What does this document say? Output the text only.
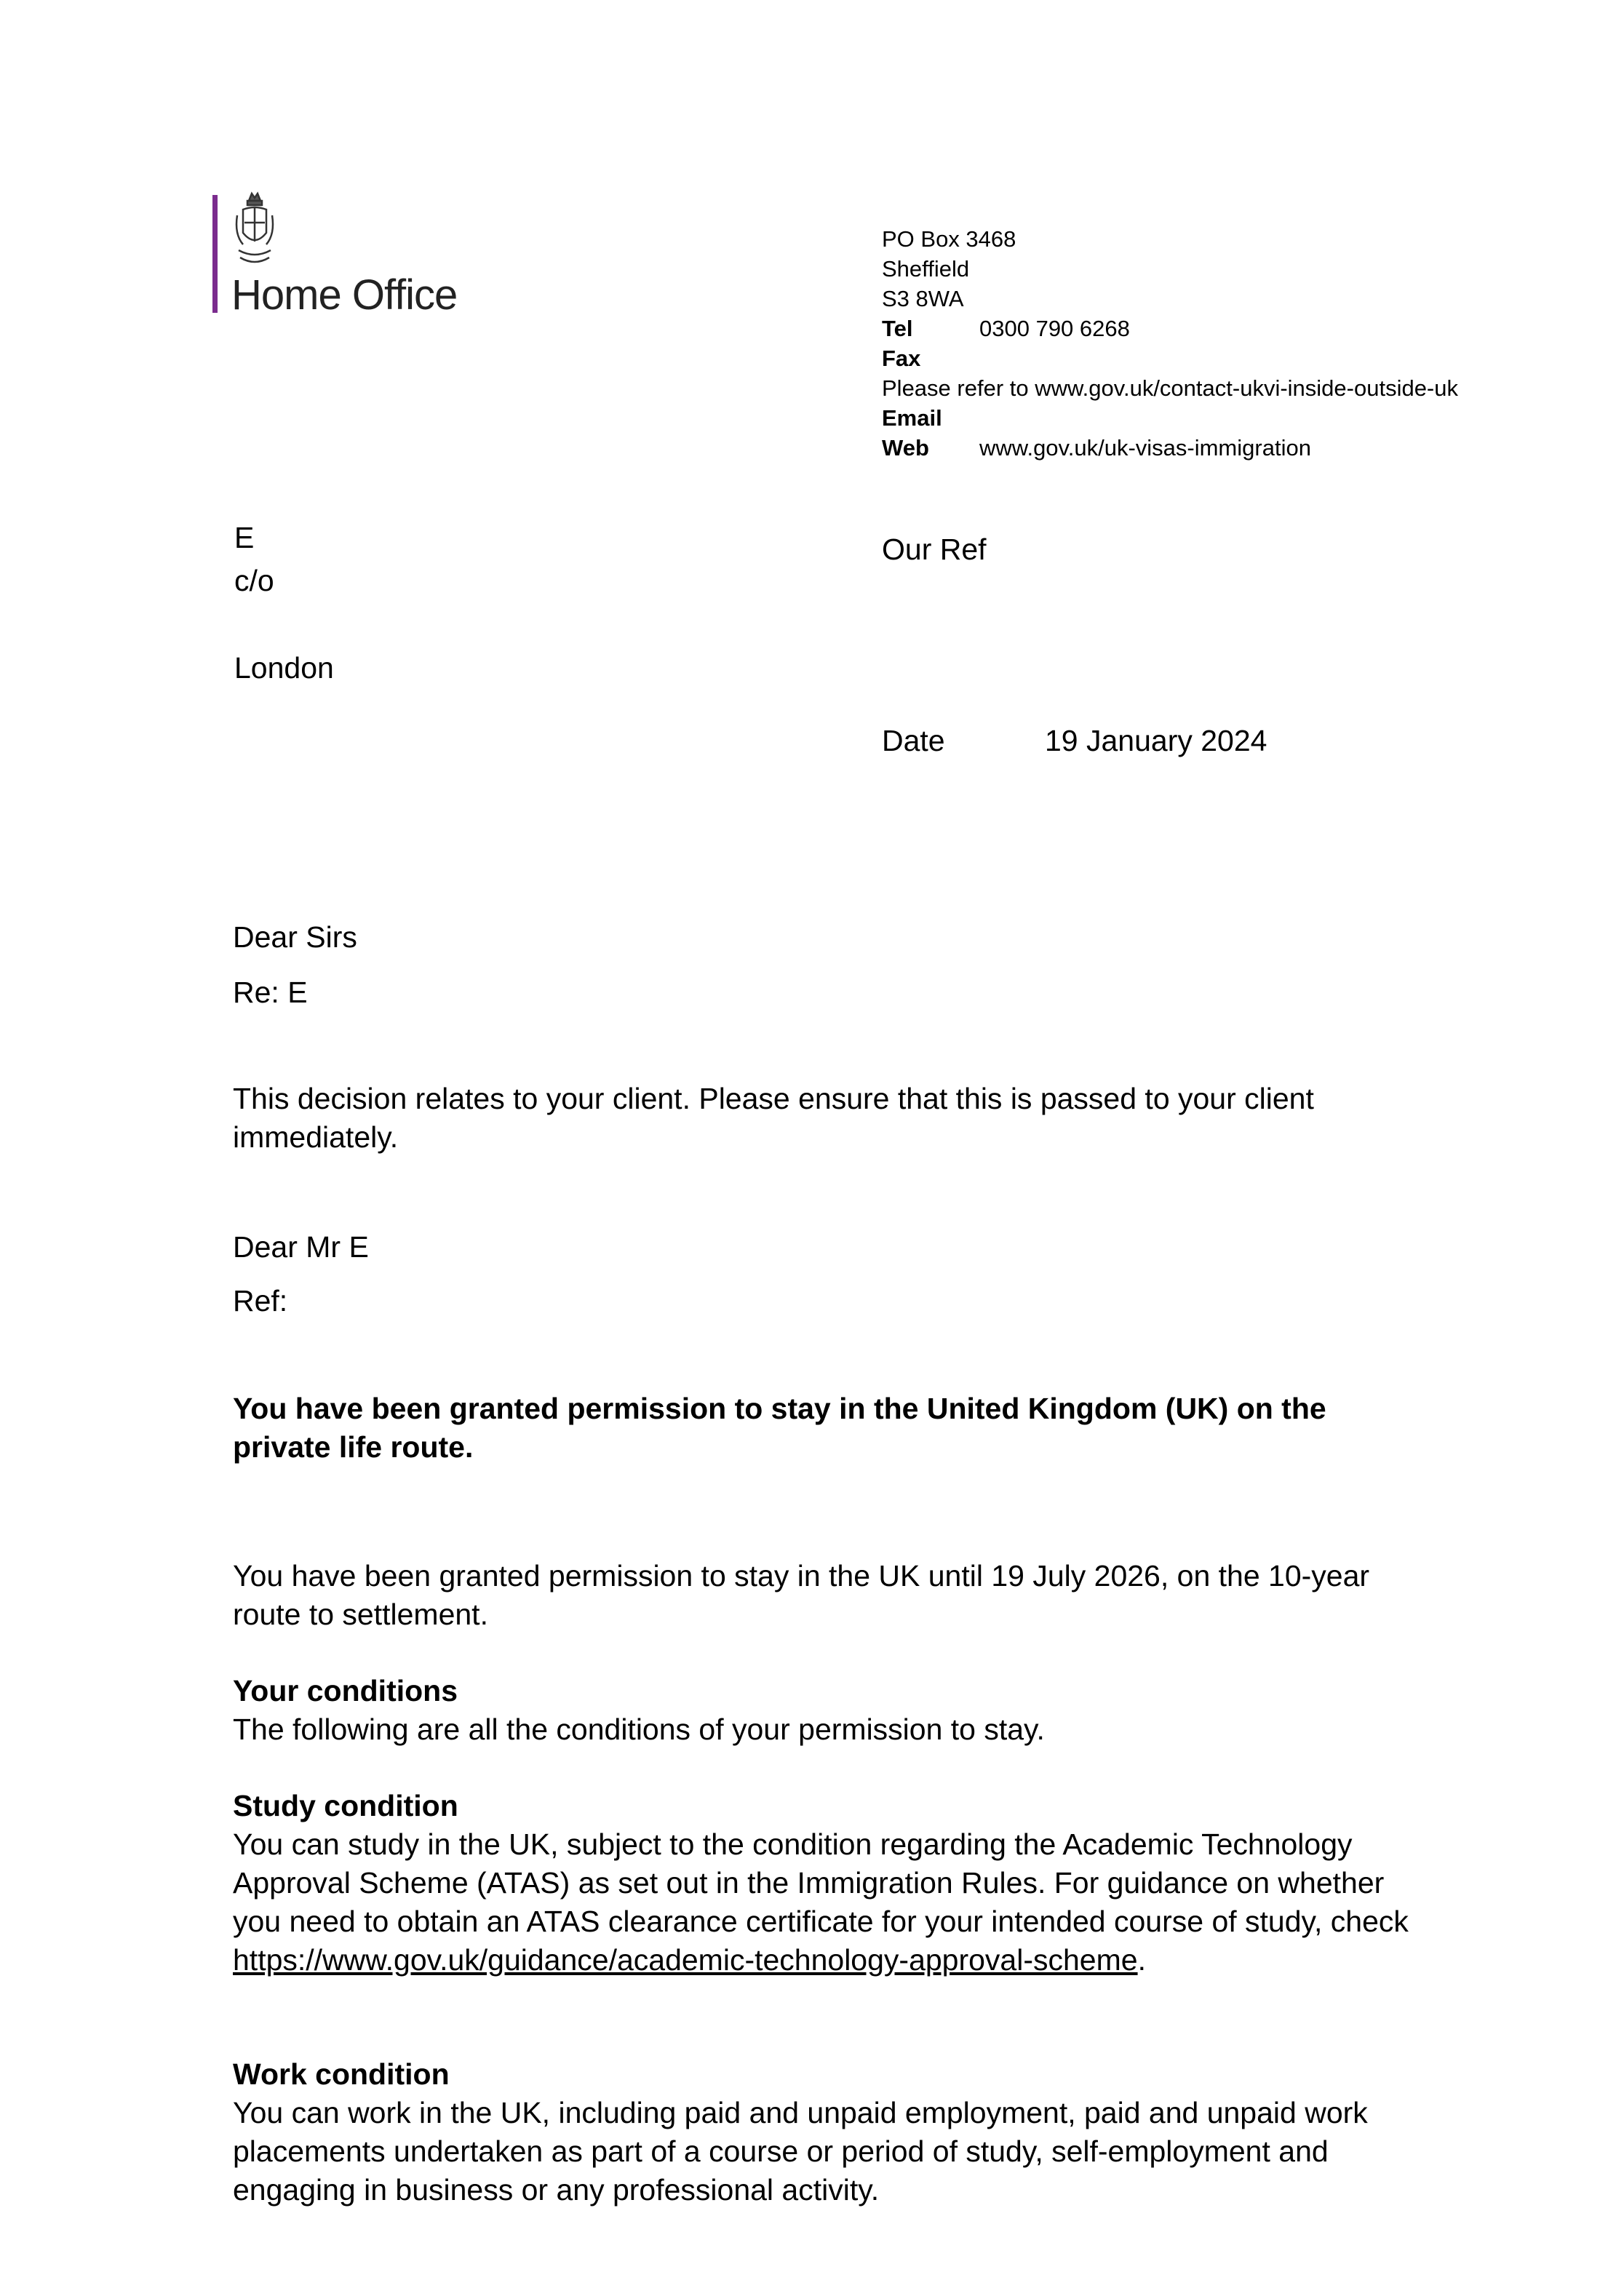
Home Office
PO Box 3468
Sheffield
S3 8WA
Tel	0300 790 6268
Fax
Please refer to www.gov.uk/contact-ukvi-inside-outside-uk
Email
Web www.gov.uk/uk-visas-immigration
E
c/o
London
Our Ref
Date	19 January 2024
Dear Sirs
Re: E
This decision relates to your client. Please ensure that this is passed to your client immediately.
Dear Mr E
Ref:
You have been granted permission to stay in the United Kingdom (UK) on the private life route.
You have been granted permission to stay in the UK until 19 July 2026, on the 10-year route to settlement.
Your conditions
The following are all the conditions of your permission to stay.
Study condition
You can study in the UK, subject to the condition regarding the Academic Technology Approval Scheme (ATAS) as set out in the Immigration Rules. For guidance on whether you need to obtain an ATAS clearance certificate for your intended course of study, check https://www.gov.uk/guidance/academic-technology-approval-scheme.
Work condition
You can work in the UK, including paid and unpaid employment, paid and unpaid work placements undertaken as part of a course or period of study, self-employment and engaging in business or any professional activity.
